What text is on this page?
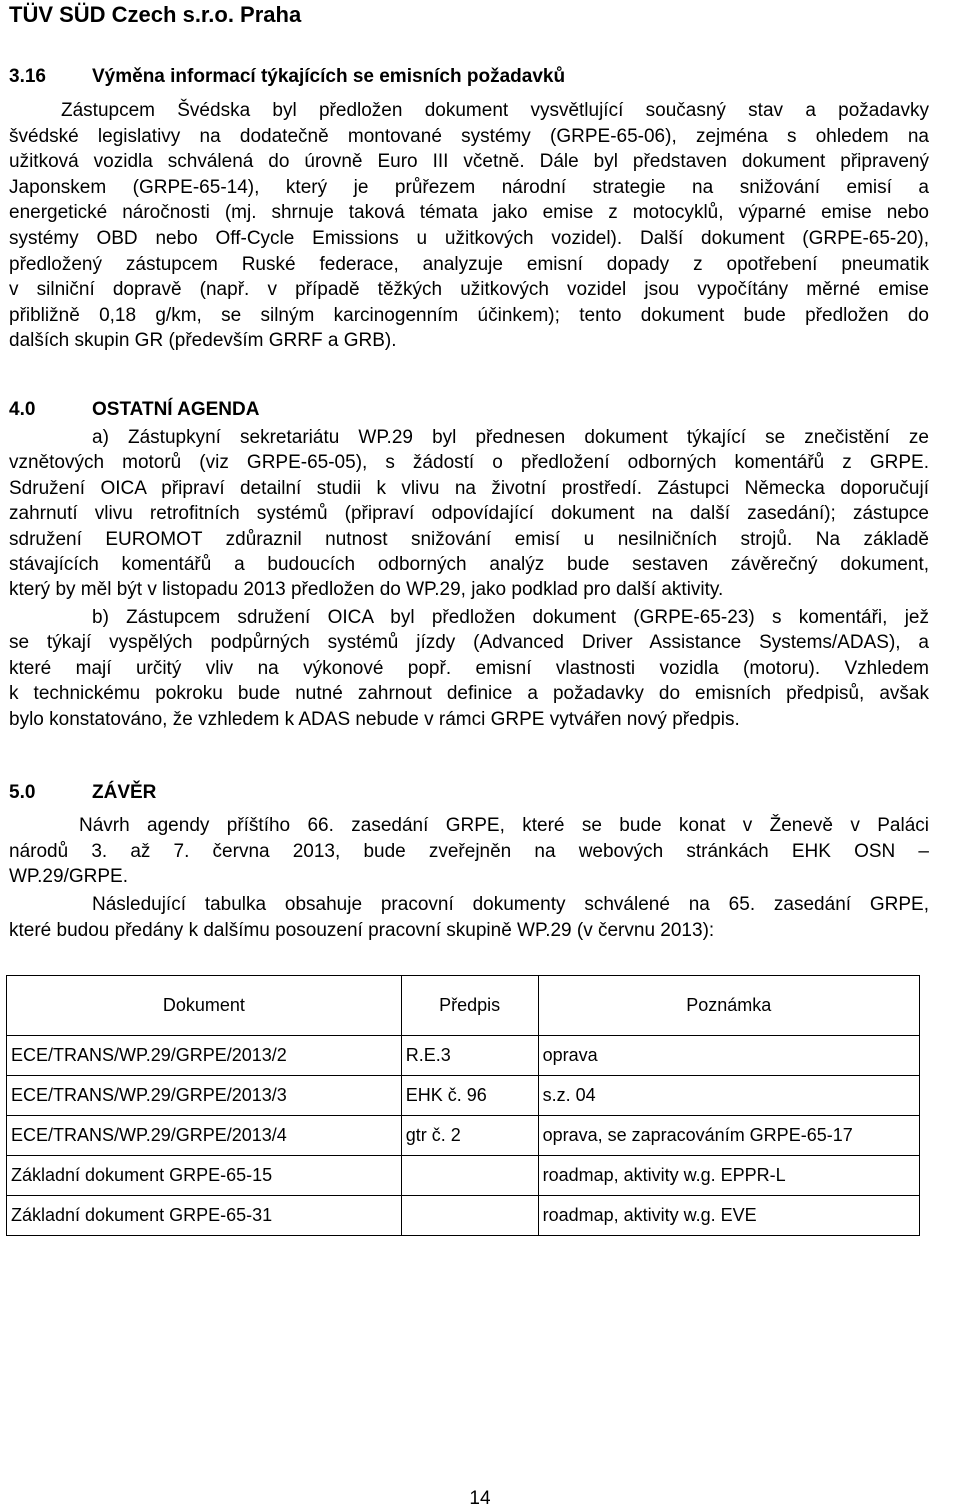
TÜV SÜD Czech s.r.o. Praha
3.16 Výměna informací týkajících se emisních požadavků
Zástupcem Švédska byl předložen dokument vysvětlující současný stav a požadavky
švédské legislativy na dodatečně montované systémy (GRPE-65-06), zejména s ohledem na
užitková vozidla schválená do úrovně Euro III včetně. Dále byl představen dokument připravený
Japonskem (GRPE-65-14), který je průřezem národní strategie na snižování emisí a
energetické náročnosti (mj. shrnuje taková témata jako emise z motocyklů, výparné emise nebo
systémy OBD nebo Off-Cycle Emissions u užitkových vozidel). Další dokument (GRPE-65-20),
předložený zástupcem Ruské federace, analyzuje emisní dopady z opotřebení pneumatik
v silniční dopravě (např. v případě těžkých užitkových vozidel jsou vypočítány měrné emise
přibližně 0,18 g/km, se silným karcinogenním účinkem); tento dokument bude předložen do
dalších skupin GR (především GRRF a GRB).
4.0	OSTATNÍ AGENDA
a) Zástupkyní sekretariátu WP.29 byl přednesen dokument týkající se znečistění ze
vznětových motorů (viz GRPE-65-05), s žádostí o předložení odborných komentářů z GRPE.
Sdružení OICA připraví detailní studii k vlivu na životní prostředí. Zástupci Německa doporučují
zahrnutí vlivu retrofitních systémů (připraví odpovídající dokument na další zasedání); zástupce
sdružení EUROMOT zdůraznil nutnost snižování emisí u nesilničních strojů. Na základě
stávajících komentářů a budoucích odborných analýz bude sestaven závěrečný dokument,
který by měl být v listopadu 2013 předložen do WP.29, jako podklad pro další aktivity.
b) Zástupcem sdružení OICA byl předložen dokument (GRPE-65-23) s komentáři, jež
se týkají vyspělých podpůrných systémů jízdy (Advanced Driver Assistance Systems/ADAS), a
které mají určitý vliv na výkonové popř. emisní vlastnosti vozidla (motoru). Vzhledem
k technickému pokroku bude nutné zahrnout definice a požadavky do emisních předpisů, avšak
bylo konstatováno, že vzhledem k ADAS nebude v rámci GRPE vytvářen nový předpis.
5.0	ZÁVĚR
Návrh agendy příštího 66. zasedání GRPE, které se bude konat v Ženevě v Paláci
národů 3. až 7. června 2013, bude zveřejněn na webových stránkách EHK OSN –
WP.29/GRPE.
Následující tabulka obsahuje pracovní dokumenty schválené na 65. zasedání GRPE,
které budou předány k dalšímu posouzení pracovní skupině WP.29 (v červnu 2013):
Dokument	Předpis	Poznámka
ECE/TRANS/WP.29/GRPE/2013/2	R.E.3	oprava
ECE/TRANS/WP.29/GRPE/2013/3	EHK č. 96	s.z. 04
ECE/TRANS/WP.29/GRPE/2013/4	gtr č. 2	oprava, se zapracováním GRPE-65-17
Základní dokument GRPE-65-15		roadmap, aktivity w.g. EPPR-L
Základní dokument GRPE-65-31		roadmap, aktivity w.g. EVE
14
